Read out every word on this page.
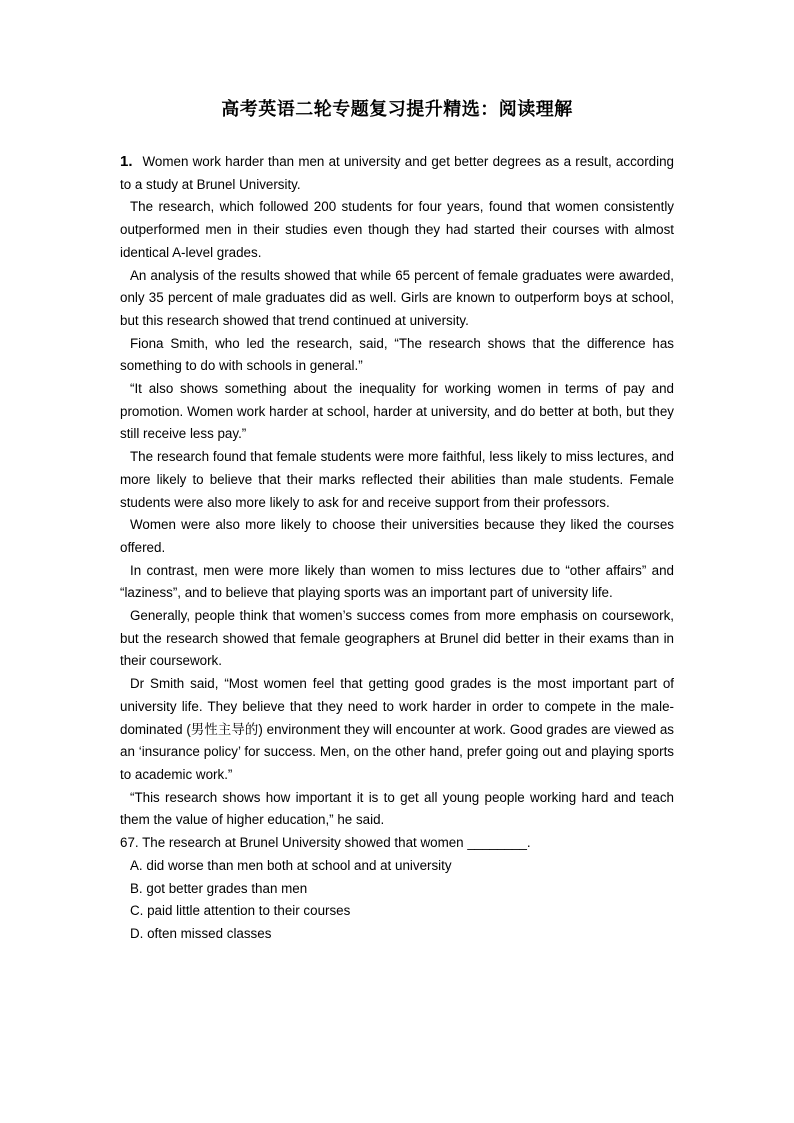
高考英语二轮专题复习提升精选：阅读理解

1. Women work harder than men at university and get better degrees as a result, according to a study at Brunel University.

The research, which followed 200 students for four years, found that women consistently outperformed men in their studies even though they had started their courses with almost identical A-level grades.

An analysis of the results showed that while 65 percent of female graduates were awarded, only 35 percent of male graduates did as well. Girls are known to outperform boys at school, but this research showed that trend continued at university.

Fiona Smith, who led the research, said, “The research shows that the difference has something to do with schools in general.”

“It also shows something about the inequality for working women in terms of pay and promotion. Women work harder at school, harder at university, and do better at both, but they still receive less pay.”

The research found that female students were more faithful, less likely to miss lectures, and more likely to believe that their marks reflected their abilities than male students. Female students were also more likely to ask for and receive support from their professors.

Women were also more likely to choose their universities because they liked the courses offered.

In contrast, men were more likely than women to miss lectures due to “other affairs” and “laziness”, and to believe that playing sports was an important part of university life.

Generally, people think that women’s success comes from more emphasis on coursework, but the research showed that female geographers at Brunel did better in their exams than in their coursework.

Dr Smith said, “Most women feel that getting good grades is the most important part of university life. They believe that they need to work harder in order to compete in the male-dominated (男性主导的) environment they will encounter at work. Good grades are viewed as an ‘insurance policy’ for success. Men, on the other hand, prefer going out and playing sports to academic work.”

“This research shows how important it is to get all young people working hard and teach them the value of higher education,” he said.

67. The research at Brunel University showed that women ________.

A. did worse than men both at school and at university
B. got better grades than men
C. paid little attention to their courses
D. often missed classes
